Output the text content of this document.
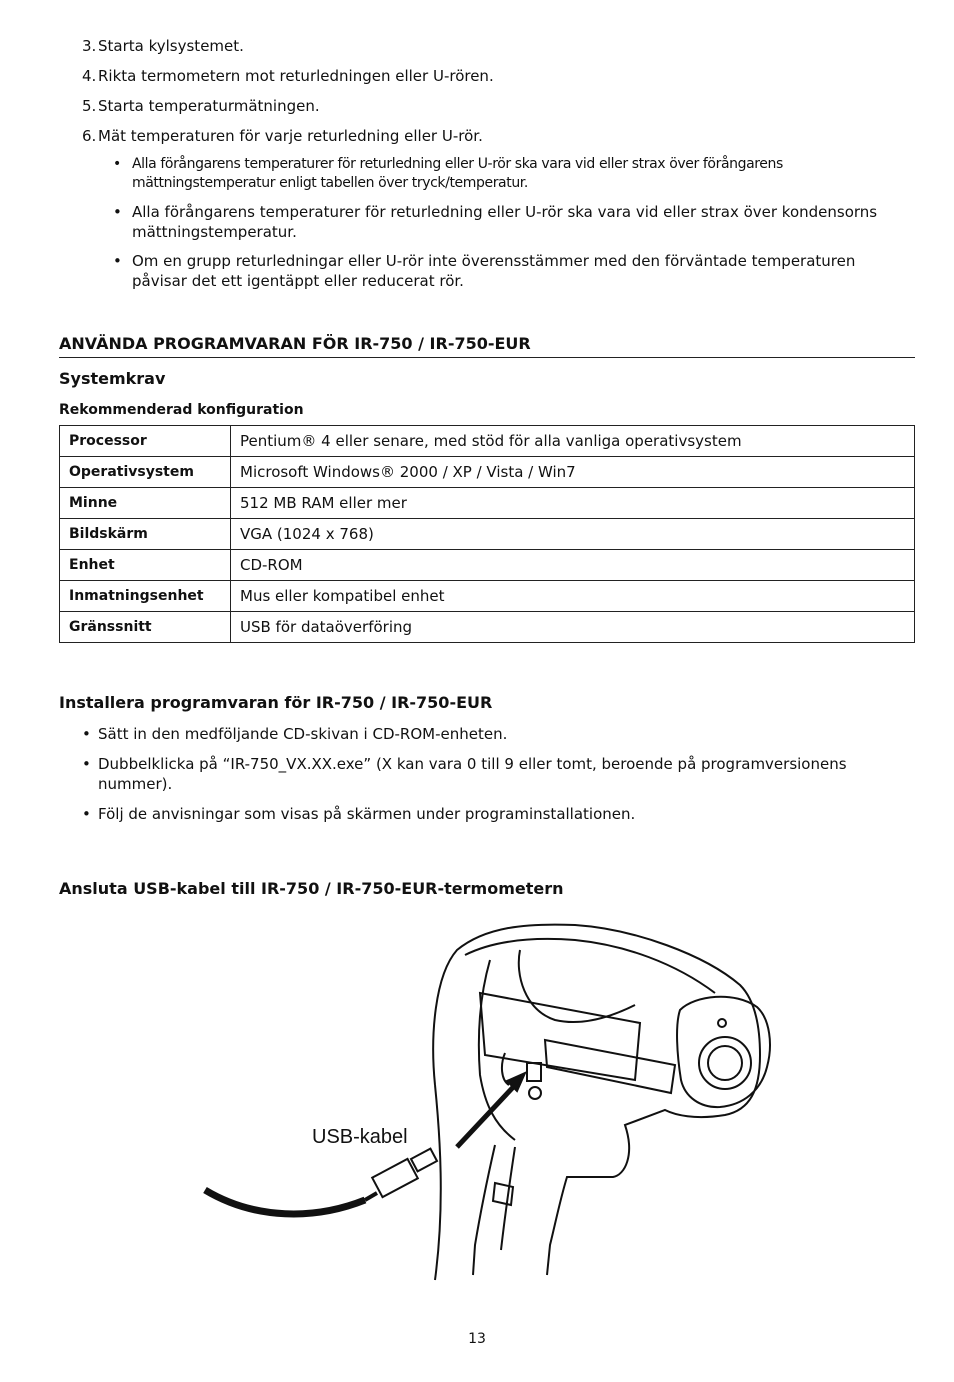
3. Starta kylsystemet.
4. Rikta termometern mot returledningen eller U-rören.
5. Starta temperaturmätningen.
6. Mät temperaturen för varje returledning eller U-rör.
• Alla förångarens temperaturer för returledning eller U-rör ska vara vid eller strax över förångarens mättningstemperatur enligt tabellen över tryck/temperatur.
• Alla förångarens temperaturer för returledning eller U-rör ska vara vid eller strax över kondensorns mättningstemperatur.
• Om en grupp returledningar eller U-rör inte överensstämmer med den förväntade temperaturen påvisar det ett igentäppt eller reducerat rör.
ANVÄNDA PROGRAMVARAN FÖR IR-750 / IR-750-EUR
Systemkrav
Rekommenderad konfiguration
Processor	Pentium® 4 eller senare, med stöd för alla vanliga operativsystem
Operativsystem	Microsoft Windows® 2000 / XP / Vista / Win7
Minne	512 MB RAM eller mer
Bildskärm	VGA (1024 x 768)
Enhet	CD-ROM
Inmatningsenhet	Mus eller kompatibel enhet
Gränssnitt	USB för dataöverföring
Installera programvaran för IR-750 / IR-750-EUR
• Sätt in den medföljande CD-skivan i CD-ROM-enheten.
• Dubbelklicka på “IR-750_VX.XX.exe” (X kan vara 0 till 9 eller tomt, beroende på programversionens nummer).
• Följ de anvisningar som visas på skärmen under programinstallationen.
Ansluta USB-kabel till IR-750 / IR-750-EUR-termometern
USB-kabel
13
